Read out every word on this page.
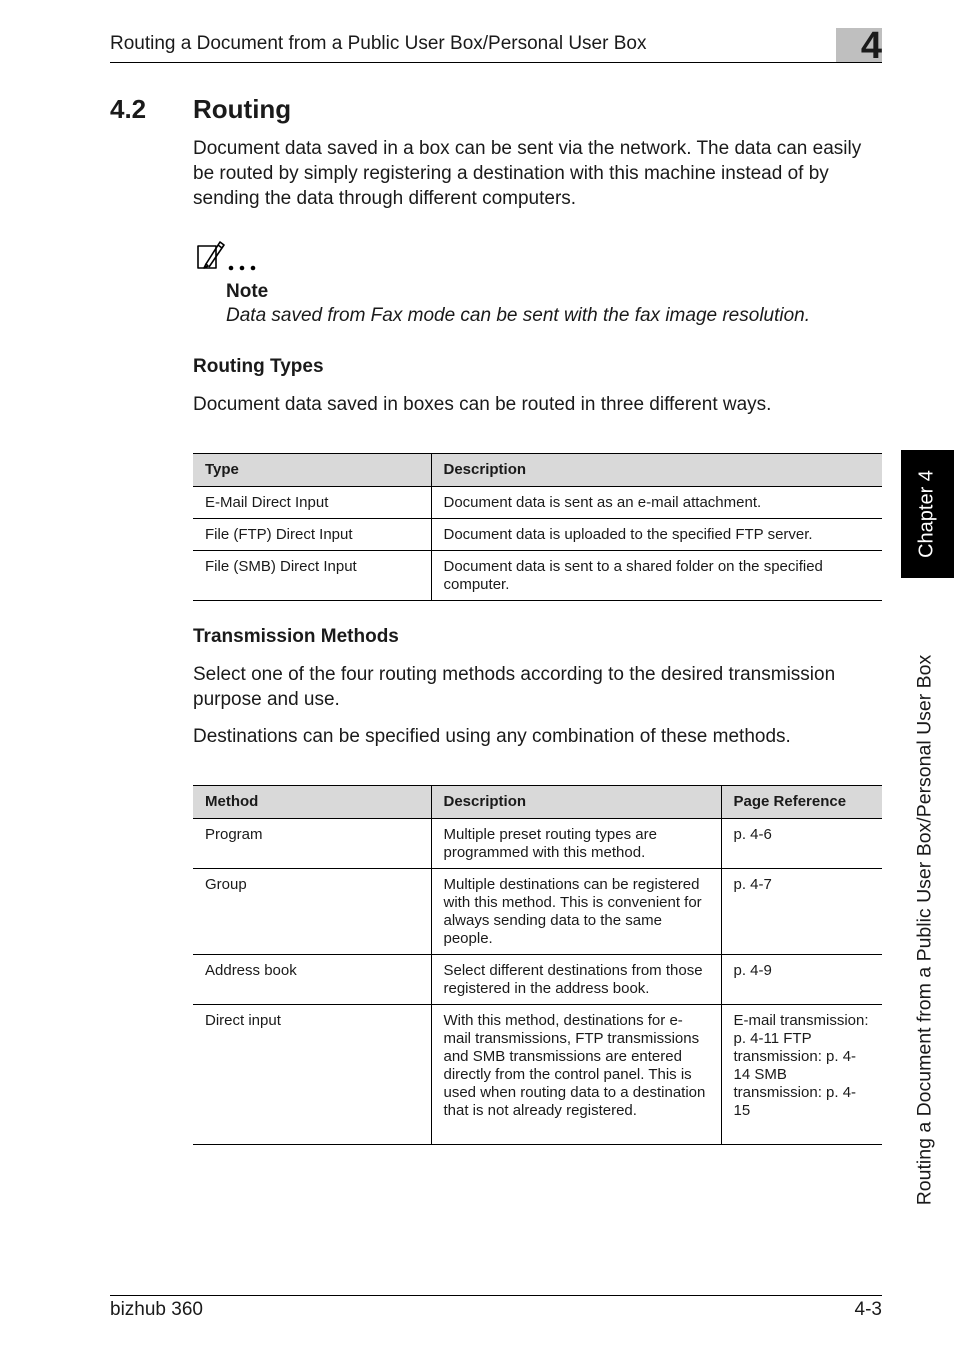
Routing a Document from a Public User Box/Personal User Box	4
4.2 Routing
Document data saved in a box can be sent via the network. The data can easily be routed by simply registering a destination with this machine instead of by sending the data through different computers.
Note
Data saved from Fax mode can be sent with the fax image resolution.
Routing Types
Document data saved in boxes can be routed in three different ways.
Type	Description
E-Mail Direct Input	Document data is sent as an e-mail attachment.
File (FTP) Direct Input	Document data is uploaded to the specified FTP server.
File (SMB) Direct Input	Document data is sent to a shared folder on the specified computer.
Transmission Methods
Select one of the four routing methods according to the desired transmission purpose and use.
Destinations can be specified using any combination of these methods.
Method	Description	Page Reference
Program	Multiple preset routing types are programmed with this method.	p. 4-6
Group	Multiple destinations can be registered with this method. This is convenient for always sending data to the same people.	p. 4-7
Address book	Select different destinations from those registered in the address book.	p. 4-9
Direct input	With this method, destinations for e-mail transmissions, FTP transmissions and SMB transmissions are entered directly from the control panel. This is used when routing data to a destination that is not already registered.	E-mail transmission: p. 4-11 FTP transmission: p. 4-14 SMB transmission: p. 4-15
Chapter 4
Routing a Document from a Public User Box/Personal User Box
bizhub 360	4-3
